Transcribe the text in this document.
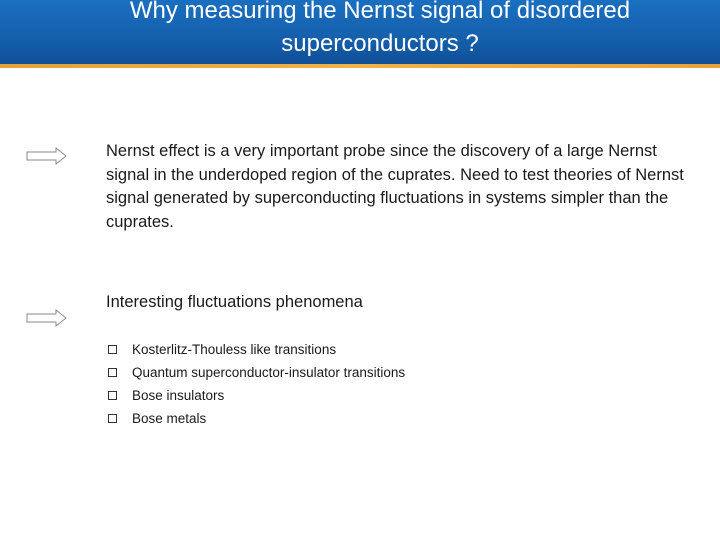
Why measuring the Nernst signal of disordered
superconductors ?
Nernst effect is a very important probe since the discovery of a large Nernst signal in the underdoped region of the cuprates. Need to test theories of Nernst signal generated by superconducting fluctuations in systems simpler than the cuprates.
Interesting fluctuations phenomena
Kosterlitz-Thouless like transitions
Quantum superconductor-insulator transitions
Bose insulators
Bose metals
